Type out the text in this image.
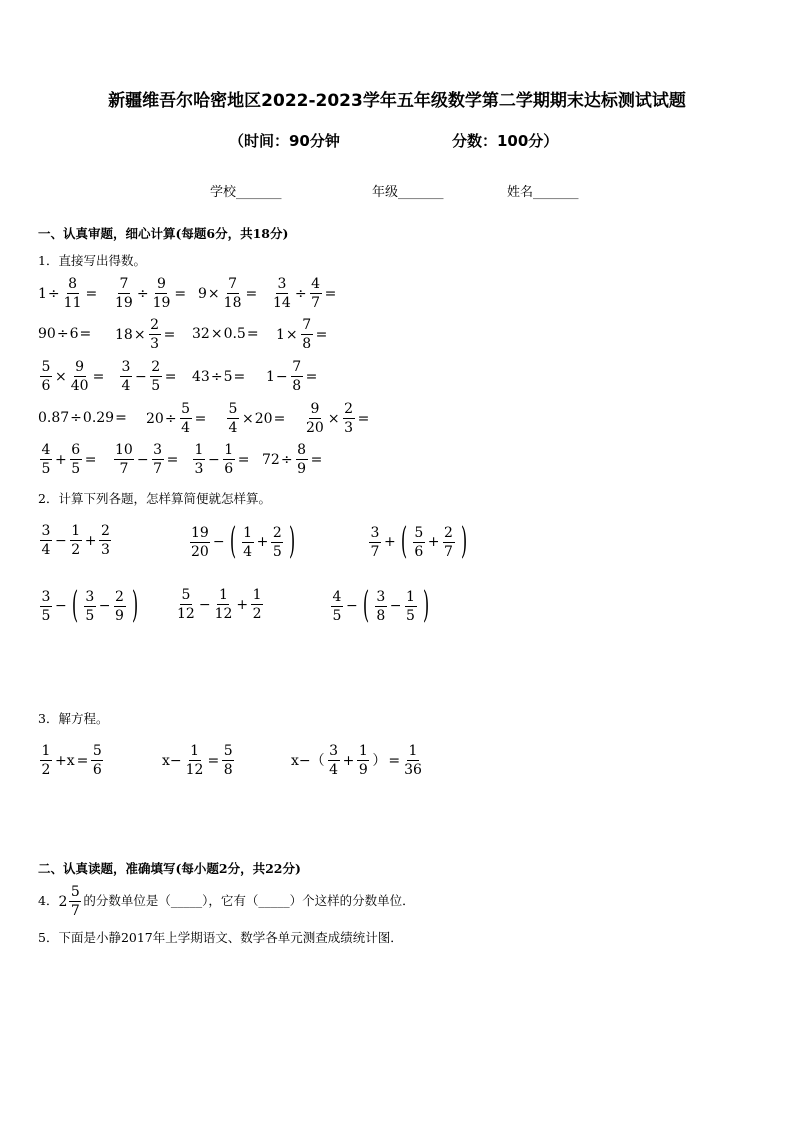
新疆维吾尔哈密地区2022-2023学年五年级数学第二学期期末达标测试试题
（时间：90分钟	分数：100分）
学校_______	年级_______	姓名_______
一、认真审题，细心计算(每题6分，共18分)
1．直接写出得数。
$1 \div \frac{8}{11} = \frac{7}{19} \div \frac{9}{19} = 9 \times \frac{7}{18} = \frac{3}{14} \div \frac{4}{7}$ =
$90 \div 6 = 18 \times \frac{2}{3} = 32 \times 0.5 = 1 \times \frac{7}{8}$ =
$\frac{5}{6} \times \frac{9}{40} = \frac{3}{4} - \frac{2}{5} = 43 \div 5 = 1 - \frac{7}{8}$ =
$0.87 \div 0.29 = 20 \div \frac{5}{4} = \frac{5}{4} \times 20 = \frac{9}{20} \times \frac{2}{3}$ =
$\frac{4}{5} + \frac{6}{5} = \frac{10}{7} - \frac{3}{7} = \frac{1}{3} - \frac{1}{6} = 72 \div \frac{8}{9}$ =
2．计算下列各题，怎样算简便就怎样算。
$\frac{3}{4} - \frac{1}{2} + \frac{2}{3}$	$\frac{19}{20}$ − ( $\frac{1}{4} + \frac{2}{5}$ )	$\frac{3}{7}$ + ( $\frac{5}{6} + \frac{2}{7}$ )
$\frac{3}{5}$ − ( $\frac{3}{5} - \frac{2}{9}$ )	$\frac{5}{12} - \frac{1}{12} + \frac{1}{2}$	$\frac{4}{5}$ − ( $\frac{3}{8} - \frac{1}{5}$ )
3．解方程。
$\frac{1}{2} +x = \frac{5}{6}$	$x- \frac{1}{12} = \frac{5}{8}$	$x-( \frac{3}{4} + \frac{1}{9}$ ） = $\frac{1}{36}$
二、认真读题，准确填写(每小题2分，共22分)
4． $2 \frac{5}{7}$ 的分数单位是（_____），它有（_____）个这样的分数单位．
5．下面是小静2017年上学期语文、数学各单元测查成绩统计图．
